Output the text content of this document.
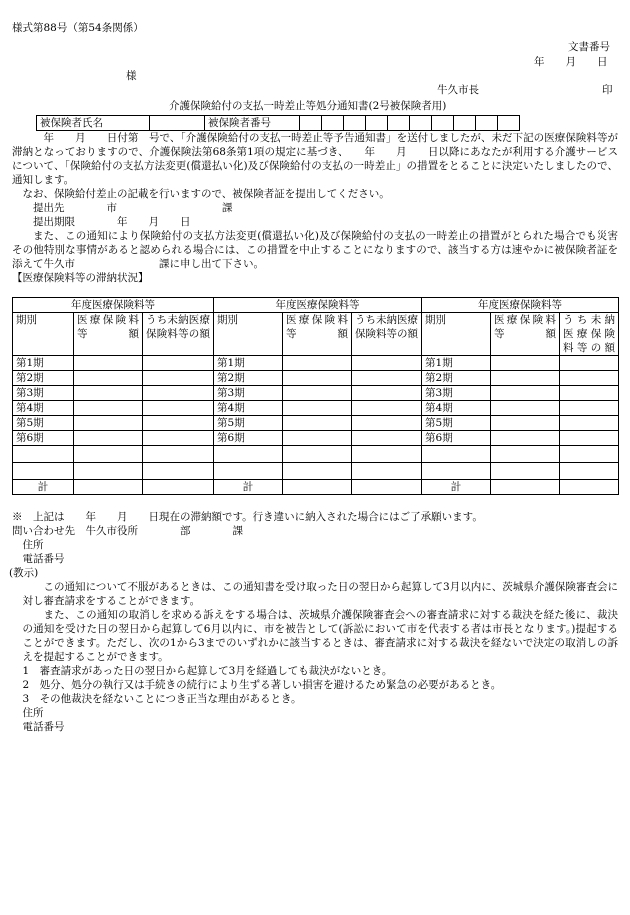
様式第88号（第54条関係）
文書番号
年　　月　　日
様
牛久市長	印
介護保険給付の支払一時差止等処分通知書(2号被保険者用)
被保険者氏名		被保険者番号										

年　　月　　日付第　号で、「介護保険給付の支払一時差止等予告通知書」を送付しましたが、未だ下記の医療保険料等が滞納となっておりますので、介護保険法第68条第1項の規定に基づき、　　年　　月　　日以降にあなたが利用する介護サービスについて、「保険給付の支払方法変更(償還払い化)及び保険給付の支払の一時差止」の措置をとることに決定いたしましたので、通知します。

なお、保険給付差止の記載を行いますので、被保険者証を提出してください。

提出先　　　　市　　　　　　　　　　課

提出期限　　　　年　　月　　日

また、この通知により保険給付の支払方法変更(償還払い化)及び保険給付の支払の一時差止の措置がとられた場合でも災害その他特別な事情があると認められる場合には、この措置を中止することになりますので、該当する方は速やかに被保険者証を添えて牛久市　　　　　　　　課に申し出て下さい。

【医療保険料等の滞納状況】

年度医療保険料等			年度医療保険料等			年度医療保険料等		
期別	医療保険料等額	うち未納医療保険料等の額	期別	医療保険料等額	うち未納医療保険料等の額	期別	医療保険料等額	うち未納医療保険料等の額
第1期			第1期			第1期		
第2期			第2期			第2期		
第3期			第3期			第3期		
第4期			第4期			第4期		
第5期			第5期			第5期		
第6期			第6期			第6期		

計			計			計		

※　上記は　　年　　月　　日現在の滞納額です。行き違いに納入された場合にはご了承願います。

問い合わせ先　牛久市役所　　　　部　　　　課

住所

電話番号

(教示)

この通知について不服があるときは、この通知書を受け取った日の翌日から起算して3月以内に、茨城県介護保険審査会に対し審査請求をすることができます。

また、この通知の取消しを求める訴えをする場合は、茨城県介護保険審査会への審査請求に対する裁決を経た後に、裁決の通知を受けた日の翌日から起算して6月以内に、市を被告として(訴訟において市を代表する者は市長となります。)提起することができます。ただし、次の1から3までのいずれかに該当するときは、審査請求に対する裁決を経ないで決定の取消しの訴えを提起することができます。

1　審査請求があった日の翌日から起算して3月を経過しても裁決がないとき。

2　処分、処分の執行又は手続きの続行により生ずる著しい損害を避けるため緊急の必要があるとき。

3　その他裁決を経ないことにつき正当な理由があるとき。

住所

電話番号
